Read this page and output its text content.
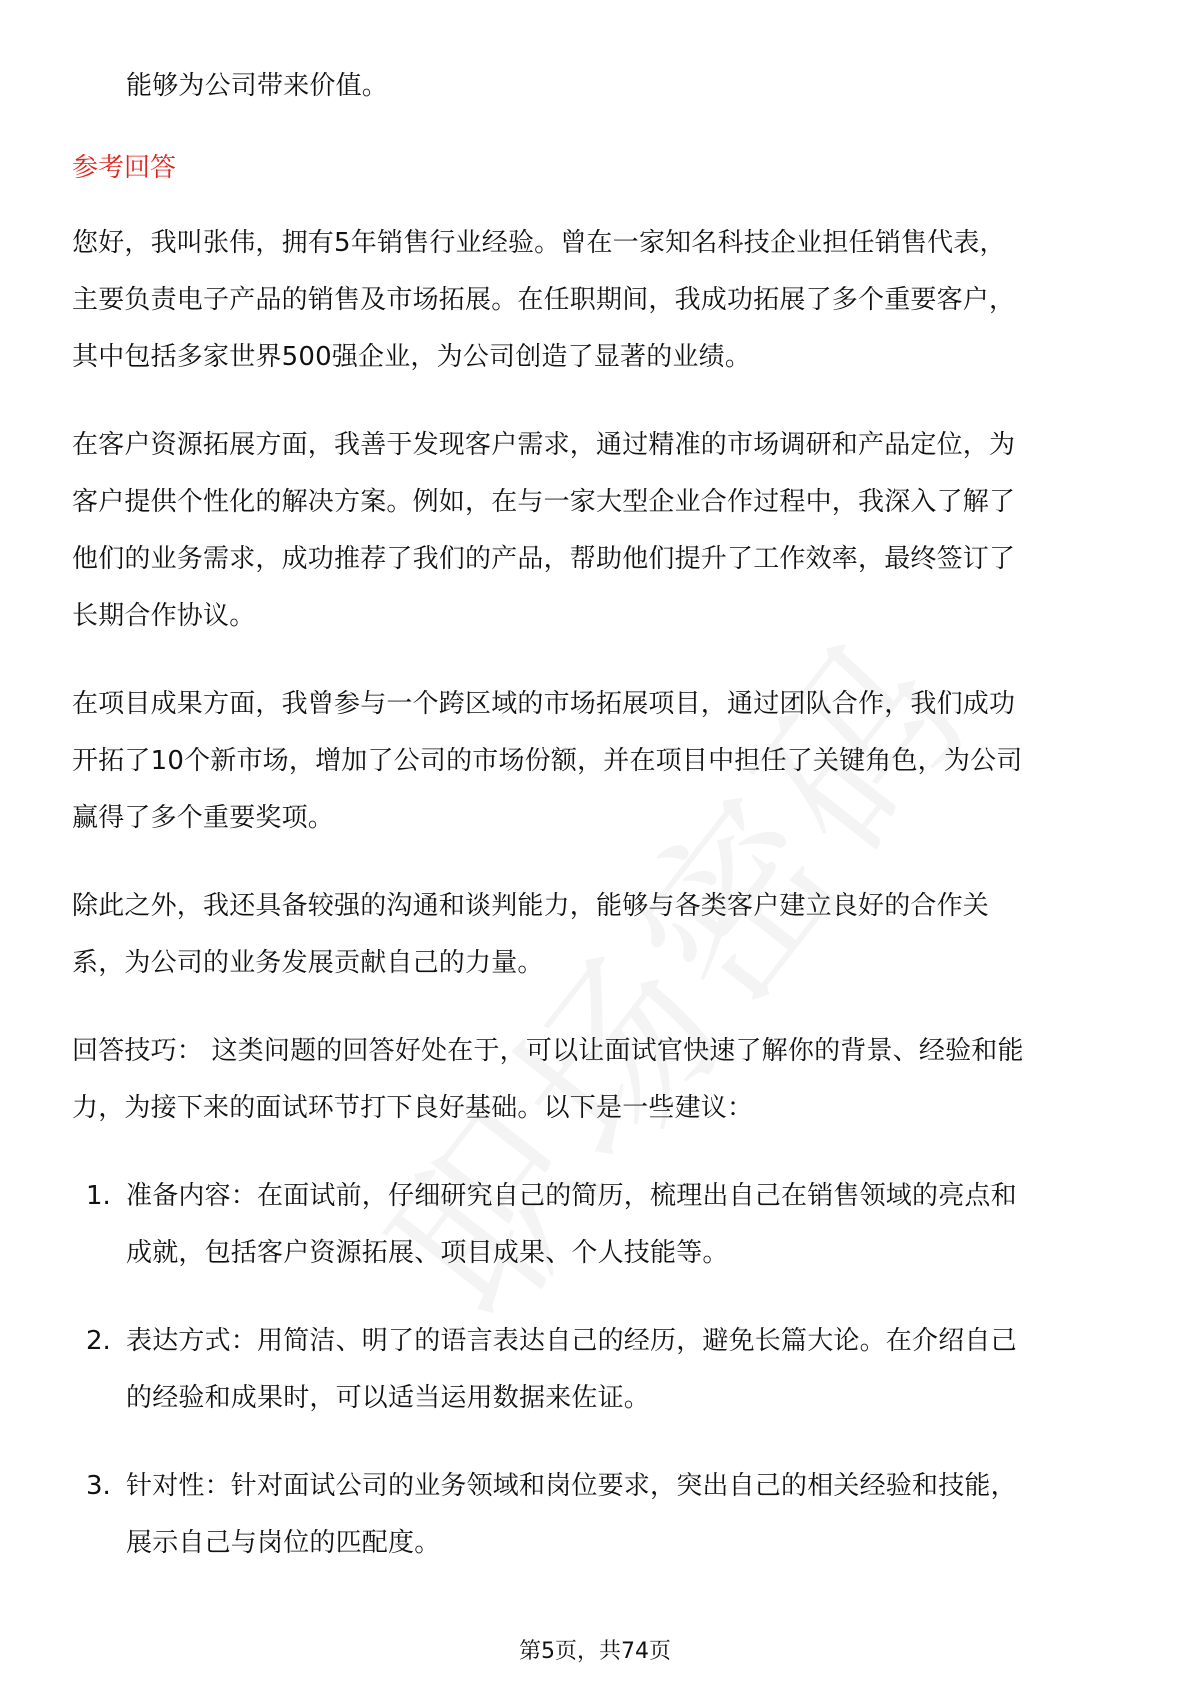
能够为公司带来价值。
参考回答
您好，我叫张伟，拥有5年销售行业经验。曾在一家知名科技企业担任销售代表，
主要负责电子产品的销售及市场拓展。在任职期间，我成功拓展了多个重要客户，
其中包括多家世界500强企业，为公司创造了显著的业绩。
在客户资源拓展方面，我善于发现客户需求，通过精准的市场调研和产品定位，为
客户提供个性化的解决方案。例如，在与一家大型企业合作过程中，我深入了解了
他们的业务需求，成功推荐了我们的产品，帮助他们提升了工作效率，最终签订了
长期合作协议。
在项目成果方面，我曾参与一个跨区域的市场拓展项目，通过团队合作，我们成功
开拓了10个新市场，增加了公司的市场份额，并在项目中担任了关键角色，为公司
赢得了多个重要奖项。
除此之外，我还具备较强的沟通和谈判能力，能够与各类客户建立良好的合作关
系，为公司的业务发展贡献自己的力量。
回答技巧： 这类问题的回答好处在于，可以让面试官快速了解你的背景、经验和能
力，为接下来的面试环节打下良好基础。以下是一些建议：
1. 准备内容：在面试前，仔细研究自己的简历，梳理出自己在销售领域的亮点和
成就，包括客户资源拓展、项目成果、个人技能等。
2. 表达方式：用简洁、明了的语言表达自己的经历，避免长篇大论。在介绍自己
的经验和成果时，可以适当运用数据来佐证。
3. 针对性：针对面试公司的业务领域和岗位要求，突出自己的相关经验和技能，
展示自己与岗位的匹配度。
第5页，共74页
